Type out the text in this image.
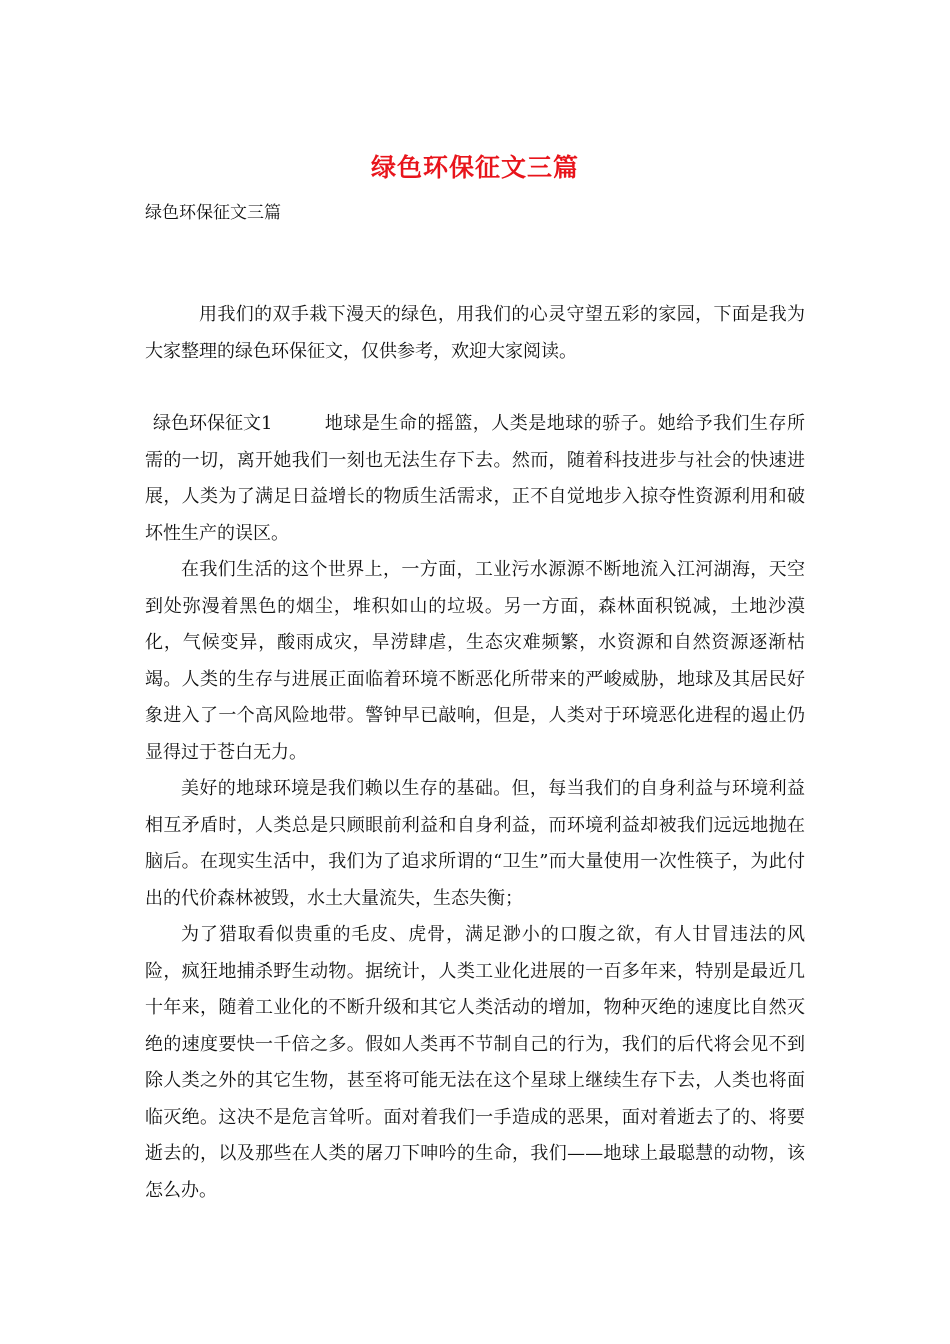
绿色环保征文三篇
绿色环保征文三篇

用我们的双手栽下漫天的绿色，用我们的心灵守望五彩的家园，下面是我为大家整理的绿色环保征文，仅供参考，欢迎大家阅读。

绿色环保征文1	地球是生命的摇篮，人类是地球的骄子。她给予我们生存所需的一切，离开她我们一刻也无法生存下去。然而，随着科技进步与社会的快速进展，人类为了满足日益增长的物质生活需求，正不自觉地步入掠夺性资源利用和破坏性生产的误区。

在我们生活的这个世界上，一方面，工业污水源源不断地流入江河湖海，天空到处弥漫着黑色的烟尘，堆积如山的垃圾。另一方面，森林面积锐减，土地沙漠化，气候变异，酸雨成灾，旱涝肆虐，生态灾难频繁，水资源和自然资源逐渐枯竭。人类的生存与进展正面临着环境不断恶化所带来的严峻威胁，地球及其居民好象进入了一个高风险地带。警钟早已敲响，但是，人类对于环境恶化进程的遏止仍显得过于苍白无力。

美好的地球环境是我们赖以生存的基础。但，每当我们的自身利益与环境利益相互矛盾时，人类总是只顾眼前利益和自身利益，而环境利益却被我们远远地抛在脑后。在现实生活中，我们为了追求所谓的“卫生”而大量使用一次性筷子，为此付出的代价森林被毁，水土大量流失，生态失衡；

为了猎取看似贵重的毛皮、虎骨，满足渺小的口腹之欲，有人甘冒违法的风险，疯狂地捕杀野生动物。据统计，人类工业化进展的一百多年来，特别是最近几十年来，随着工业化的不断升级和其它人类活动的增加，物种灭绝的速度比自然灭绝的速度要快一千倍之多。假如人类再不节制自己的行为，我们的后代将会见不到除人类之外的其它生物，甚至将可能无法在这个星球上继续生存下去，人类也将面临灭绝。这决不是危言耸听。面对着我们一手造成的恶果，面对着逝去了的、将要逝去的，以及那些在人类的屠刀下呻吟的生命，我们——地球上最聪慧的动物，该怎么办。
